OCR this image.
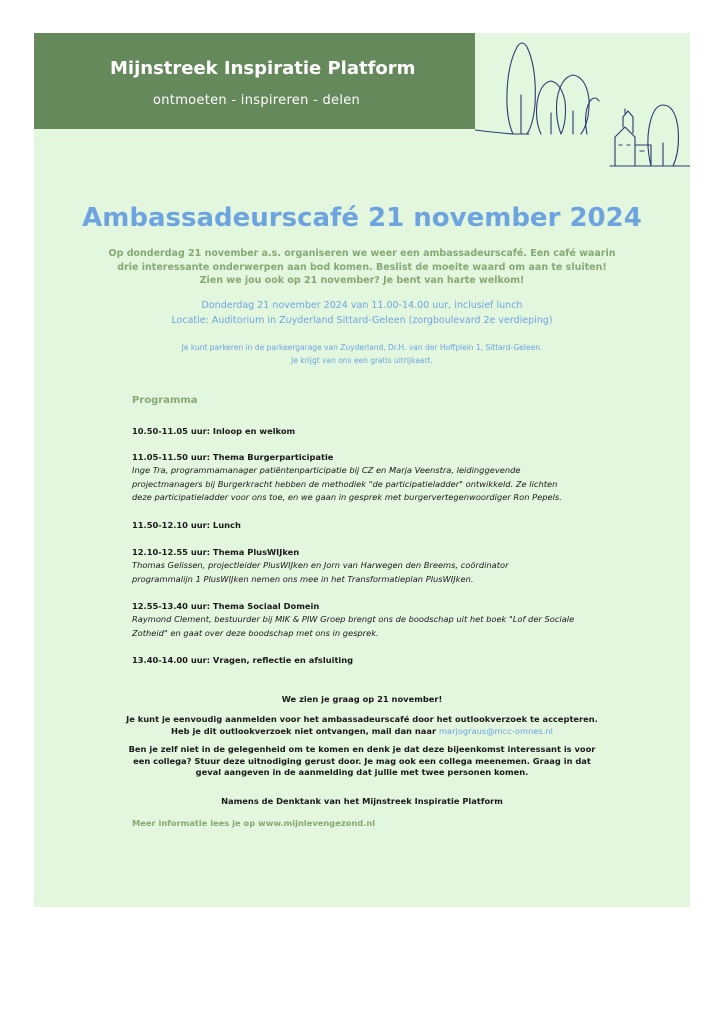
Mijnstreek Inspiratie Platform
ontmoeten - inspireren - delen
Ambassadeurscafé 21 november 2024
Op donderdag 21 november a.s. organiseren we weer een ambassadeurscafé. Een café waarin
drie interessante onderwerpen aan bod komen. Beslist de moeite waard om aan te sluiten!
Zien we jou ook op 21 november? Je bent van harte welkom!
Donderdag 21 november 2024 van 11.00-14.00 uur, inclusief lunch
Locatie: Auditorium in Zuyderland Sittard-Geleen (zorgboulevard 2e verdieping)
Je kunt parkeren in de parkeergarage van Zuyderland, Dr.H. van der Hoffplein 1, Sittard-Geleen.
Je krijgt van ons een gratis uitrijkaart.
Programma
10.50-11.05 uur: Inloop en welkom
11.05-11.50 uur: Thema Burgerparticipatie
Inge Tra, programmamanager patiëntenparticipatie bij CZ en Marja Veenstra, leidinggevende
projectmanagers bij Burgerkracht hebben de methodiek "de participatieladder" ontwikkeld. Ze lichten
deze participatieladder voor ons toe, en we gaan in gesprek met burgervertegenwoordiger Ron Pepels.
11.50-12.10 uur: Lunch
12.10-12.55 uur: Thema PlusWIJken
Thomas Gelissen, projectleider PlusWIJken en Jorn van Harwegen den Breems, coördinator
programmalijn 1 PlusWIJken nemen ons mee in het Transformatieplan PlusWIJken.
12.55-13.40 uur: Thema Sociaal Domein
Raymond Clement, bestuurder bij MIK & PIW Groep brengt ons de boodschap uit het boek "Lof der Sociale
Zotheid" en gaat over deze boodschap met ons in gesprek.
13.40-14.00 uur: Vragen, reflectie en afsluiting
We zien je graag op 21 november!
Je kunt je eenvoudig aanmelden voor het ambassadeurscafé door het outlookverzoek te accepteren.
Heb je dit outlookverzoek niet ontvangen, mail dan naar marjograus@mcc-omnes.nl
Ben je zelf niet in de gelegenheid om te komen en denk je dat deze bijeenkomst interessant is voor
een collega? Stuur deze uitnodiging gerust door. Je mag ook een collega meenemen. Graag in dat
geval aangeven in de aanmelding dat jullie met twee personen komen.
Namens de Denktank van het Mijnstreek Inspiratie Platform
Meer informatie lees je op www.mijnlevengezond.nl
